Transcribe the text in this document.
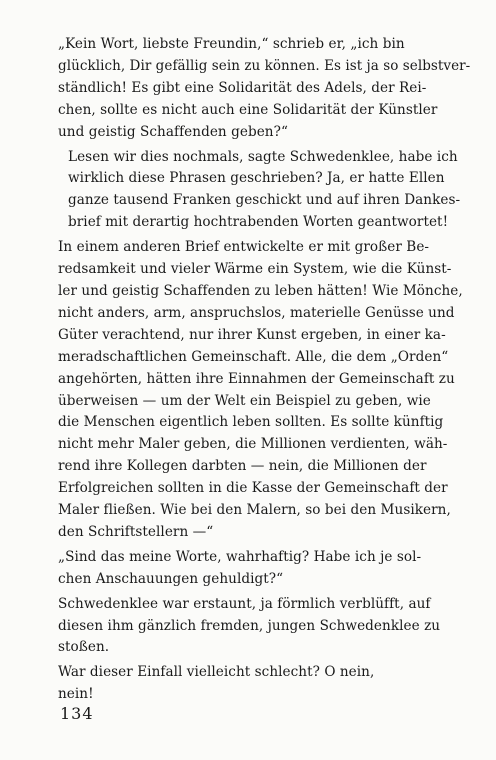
„Kein Wort, liebste Freundin,“ schrieb er, „ich bin
glücklich, Dir gefällig sein zu können. Es ist ja so selbstver-
ständlich! Es gibt eine Solidarität des Adels, der Rei-
chen, sollte es nicht auch eine Solidarität der Künstler
und geistig Schaffenden geben?“

Lesen wir dies nochmals, sagte Schwedenklee, habe ich
wirklich diese Phrasen geschrieben? Ja, er hatte Ellen
ganze tausend Franken geschickt und auf ihren Dankes-
brief mit derartig hochtrabenden Worten geantwortet!

In einem anderen Brief entwickelte er mit großer Be-
redsamkeit und vieler Wärme ein System, wie die Künst-
ler und geistig Schaffenden zu leben hätten! Wie Mönche,
nicht anders, arm, anspruchslos, materielle Genüsse und
Güter verachtend, nur ihrer Kunst ergeben, in einer ka-
meradschaftlichen Gemeinschaft. Alle, die dem „Orden“
angehörten, hätten ihre Einnahmen der Gemeinschaft zu
überweisen — um der Welt ein Beispiel zu geben, wie
die Menschen eigentlich leben sollten. Es sollte künftig
nicht mehr Maler geben, die Millionen verdienten, wäh-
rend ihre Kollegen darbten — nein, die Millionen der
Erfolgreichen sollten in die Kasse der Gemeinschaft der
Maler fließen. Wie bei den Malern, so bei den Musikern,
den Schriftstellern —“

„Sind das meine Worte, wahrhaftig? Habe ich je sol-
chen Anschauungen gehuldigt?“

Schwedenklee war erstaunt, ja förmlich verblüfft, auf
diesen ihm gänzlich fremden, jungen Schwedenklee zu
stoßen.

War dieser Einfall vielleicht schlecht? O nein,
nein!

134
